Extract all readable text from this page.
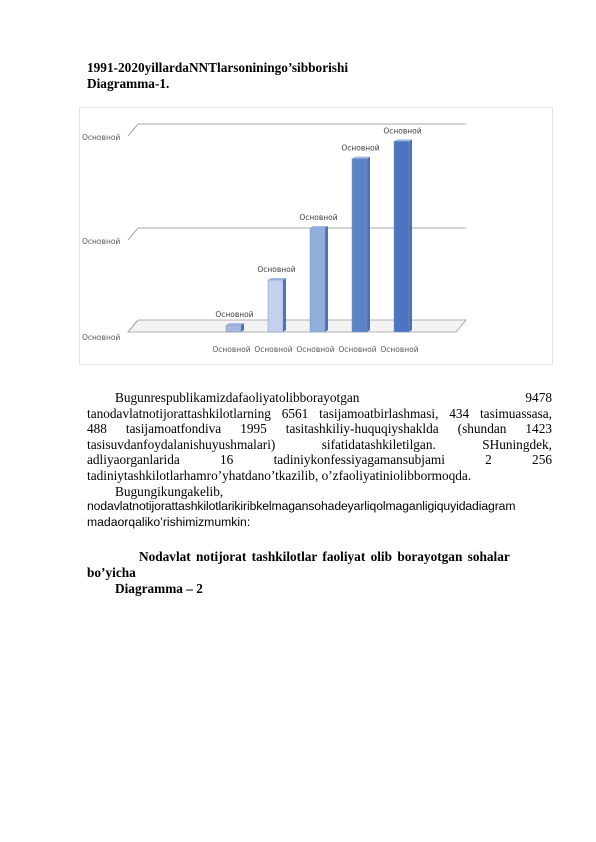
1991-2020yillardaNNTlarsoniningo’sibborishi
Diagramma-1.
Основной
Основной
Основной
Основной
Основной
Основной
Основной
Основной
Основной
Основной
Основной
Основной
Основной
Bugunrespublikamizdafaoliyatolibborayotgan 9478
tanodavlatnotijorattashkilotlarning 6561 tasijamoatbirlashmasi, 434 tasimuassasa,
488 tasijamoatfondiva 1995 tasitashkiliy-huquqiyshaklda (shundan 1423
tasisuvdanfoydalanishuyushmalari) sifatidatashkiletilgan. SHuningdek,
adliyaorganlarida 16 tadiniykonfessiyagamansubjami 2 256
tadiniytashkilotlarhamro’yhatdano’tkazilib, o’zfaoliyatiniolibbormoqda.
Bugungikungakelib,
nodavlatnotijorattashkilotlarikiribkelmagansohadeyarliqolmaganligiquyidadiagram
madaorqaliko’rishimizmumkin:
Nodavlat notijorat tashkilotlar faoliyat olib borayotgan sohalar
bo’yicha
Diagramma – 2
